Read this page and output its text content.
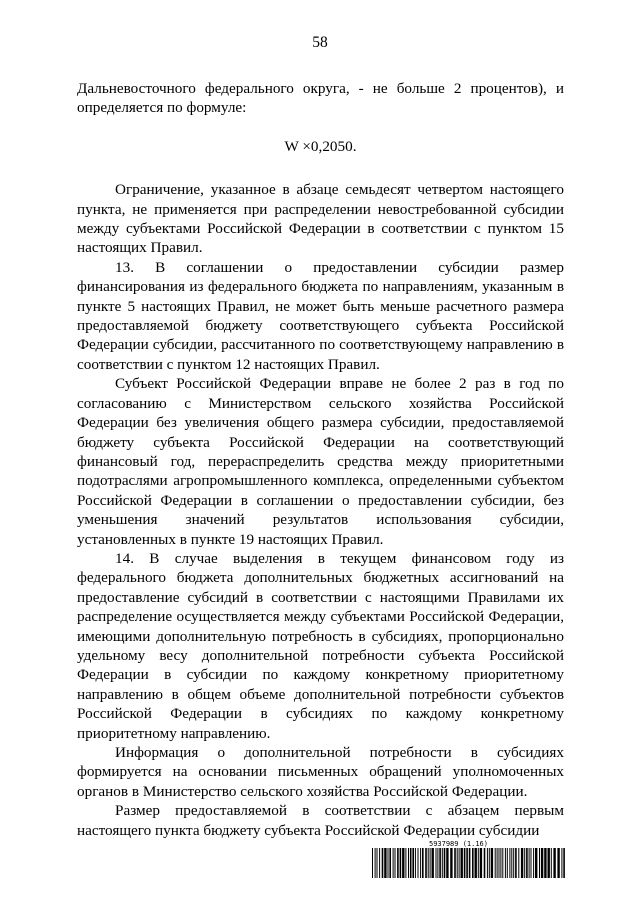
58

Дальневосточного федерального округа, - не больше 2 процентов), и определяется по формуле:

W ×0,2050.

Ограничение, указанное в абзаце семьдесят четвертом настоящего пункта, не применяется при распределении невостребованной субсидии между субъектами Российской Федерации в соответствии с пунктом 15 настоящих Правил.

13. В соглашении о предоставлении субсидии размер финансирования из федерального бюджета по направлениям, указанным в пункте 5 настоящих Правил, не может быть меньше расчетного размера предоставляемой бюджету соответствующего субъекта Российской Федерации субсидии, рассчитанного по соответствующему направлению в соответствии с пунктом 12 настоящих Правил.

Субъект Российской Федерации вправе не более 2 раз в год по согласованию с Министерством сельского хозяйства Российской Федерации без увеличения общего размера субсидии, предоставляемой бюджету субъекта Российской Федерации на соответствующий финансовый год, перераспределить средства между приоритетными подотраслями агропромышленного комплекса, определенными субъектом Российской Федерации в соглашении о предоставлении субсидии, без уменьшения значений результатов использования субсидии, установленных в пункте 19 настоящих Правил.

14. В случае выделения в текущем финансовом году из федерального бюджета дополнительных бюджетных ассигнований на предоставление субсидий в соответствии с настоящими Правилами их распределение осуществляется между субъектами Российской Федерации, имеющими дополнительную потребность в субсидиях, пропорционально удельному весу дополнительной потребности субъекта Российской Федерации в субсидии по каждому конкретному приоритетному направлению в общем объеме дополнительной потребности субъектов Российской Федерации в субсидиях по каждому конкретному приоритетному направлению.

Информация о дополнительной потребности в субсидиях формируется на основании письменных обращений уполномоченных органов в Министерство сельского хозяйства Российской Федерации.

Размер предоставляемой в соответствии с абзацем первым настоящего пункта бюджету субъекта Российской Федерации субсидии

5937989 (1.16)
